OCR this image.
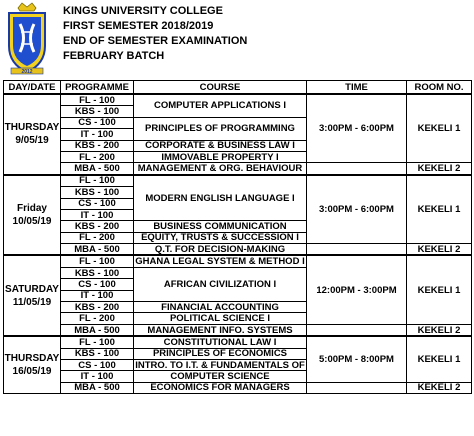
2012
KINGS UNIVERSITY COLLEGE
FIRST SEMESTER 2018/2019
END OF SEMESTER EXAMINATION
FEBRUARY BATCH
DAY/DATE	PROGRAMME	COURSE	TIME	ROOM NO.

THURSDAY
9/05/19	FL - 100	COMPUTER APPLICATIONS I	3:00PM - 6:00PM	KEKELI 1
	KBS - 100			
	CS - 100	PRINCIPLES OF PROGRAMMING		
	IT - 100			
	KBS - 200	CORPORATE & BUSINESS LAW I		
	FL - 200	IMMOVABLE PROPERTY I		
	MBA - 500	MANAGEMENT & ORG. BEHAVIOUR		KEKELI 2

Friday
10/05/19	FL - 100	MODERN ENGLISH LANGUAGE I	3:00PM - 6:00PM	KEKELI 1
	KBS - 100			
	CS - 100			
	IT - 100			
	KBS - 200	BUSINESS COMMUNICATION		
	FL - 200	EQUITY, TRUSTS & SUCCESSION I		
	MBA - 500	Q.T. FOR DECISION-MAKING		KEKELI 2

SATURDAY
11/05/19	FL - 100	GHANA LEGAL SYSTEM & METHOD I	12:00PM - 3:00PM	KEKELI 1
	KBS - 100	AFRICAN CIVILIZATION I		
	CS - 100			
	IT - 100			
	KBS - 200	FINANCIAL ACCOUNTING		
	FL - 200	POLITICAL SCIENCE I		
	MBA - 500	MANAGEMENT INFO. SYSTEMS		KEKELI 2

THURSDAY
16/05/19	FL - 100	CONSTITUTIONAL LAW I	5:00PM - 8:00PM	KEKELI 1
	KBS - 100	PRINCIPLES OF ECONOMICS		
	CS - 100	INTRO. TO I.T. & FUNDAMENTALS OF		
	IT - 100	COMPUTER SCIENCE		
	MBA - 500	ECONOMICS FOR MANAGERS		KEKELI 2
